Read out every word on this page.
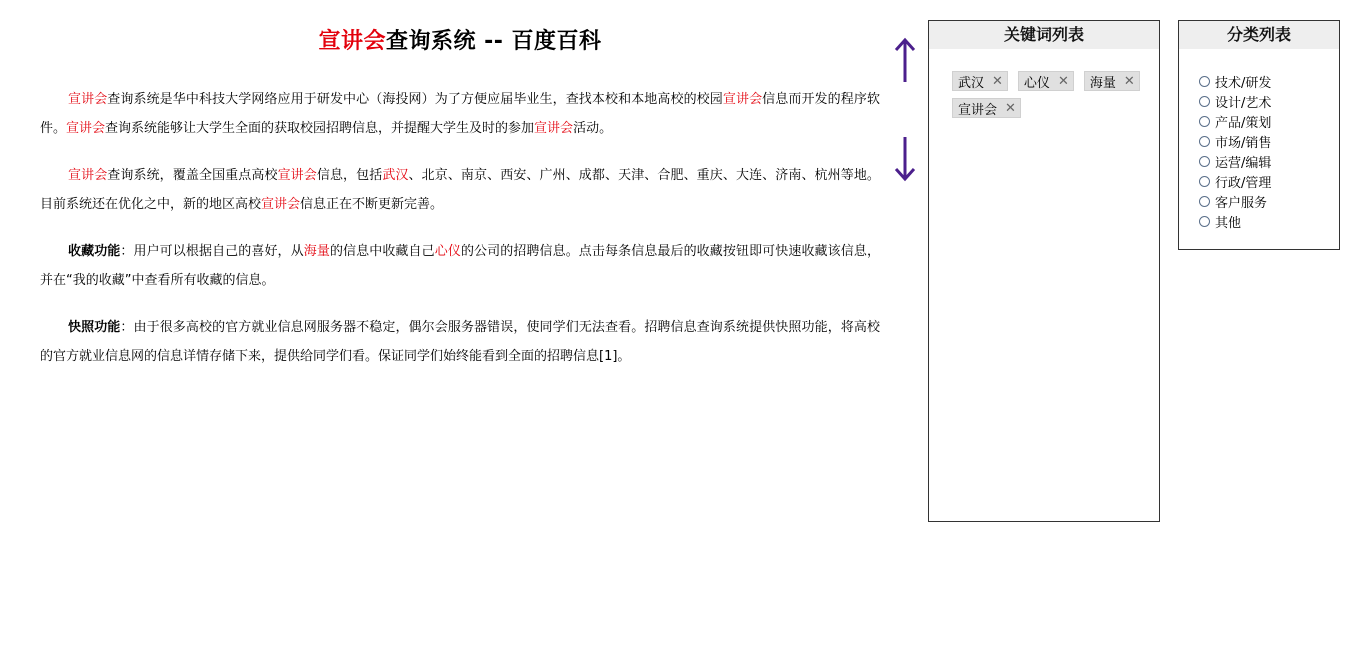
宣讲会查询系统 -- 百度百科

宣讲会查询系统是华中科技大学网络应用于研发中心（海投网）为了方便应届毕业生，查找本校和本地高校的校园宣讲会信息而开发的程序软件。宣讲会查询系统能够让大学生全面的获取校园招聘信息，并提醒大学生及时的参加宣讲会活动。

宣讲会查询系统，覆盖全国重点高校宣讲会信息，包括武汉、北京、南京、西安、广州、成都、天津、合肥、重庆、大连、济南、杭州等地。目前系统还在优化之中，新的地区高校宣讲会信息正在不断更新完善。

收藏功能：用户可以根据自己的喜好，从海量的信息中收藏自己心仪的公司的招聘信息。点击每条信息最后的收藏按钮即可快速收藏该信息，并在“我的收藏”中查看所有收藏的信息。

快照功能：由于很多高校的官方就业信息网服务器不稳定，偶尔会服务器错误，使同学们无法查看。招聘信息查询系统提供快照功能，将高校的官方就业信息网的信息详情存储下来，提供给同学们看。保证同学们始终能看到全面的招聘信息[1]。

关键词列表
武汉 ✕ 心仪 ✕ 海量 ✕
宣讲会 ✕
分类列表
技术/研发
设计/艺术
产品/策划
市场/销售
运营/编辑
行政/管理
客户服务
其他
